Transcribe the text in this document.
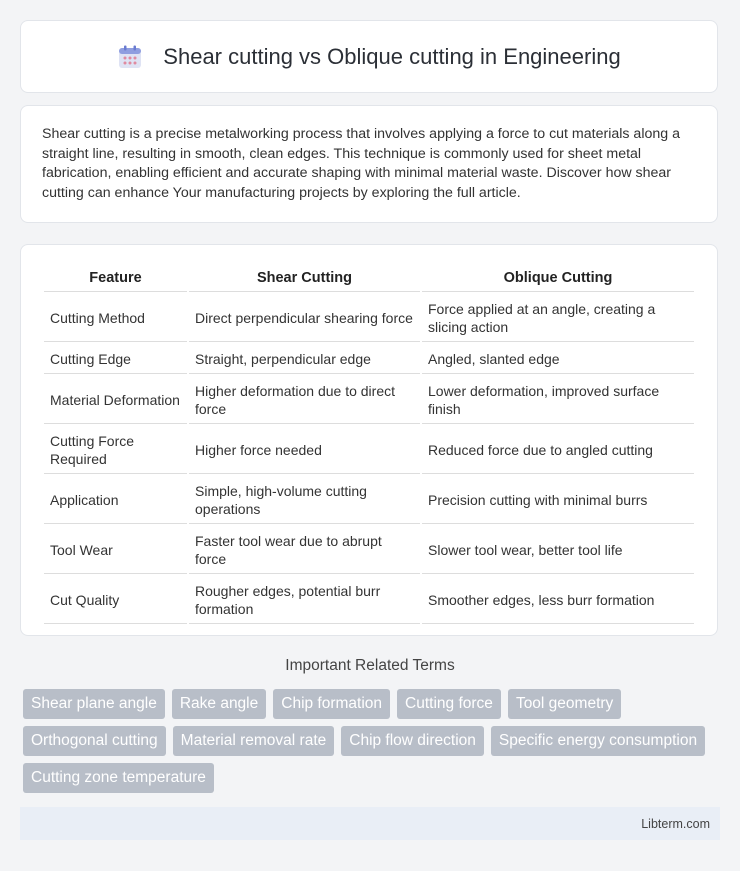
Shear cutting vs Oblique cutting in Engineering

Shear cutting is a precise metalworking process that involves applying a force to cut materials along a straight line, resulting in smooth, clean edges. This technique is commonly used for sheet metal fabrication, enabling efficient and accurate shaping with minimal material waste. Discover how shear cutting can enhance Your manufacturing projects by exploring the full article.

Feature	Shear Cutting	Oblique Cutting
Cutting Method	Direct perpendicular shearing force	Force applied at an angle, creating a slicing action
Cutting Edge	Straight, perpendicular edge	Angled, slanted edge
Material Deformation	Higher deformation due to direct force	Lower deformation, improved surface finish
Cutting Force Required	Higher force needed	Reduced force due to angled cutting
Application	Simple, high-volume cutting operations	Precision cutting with minimal burrs
Tool Wear	Faster tool wear due to abrupt force	Slower tool wear, better tool life
Cut Quality	Rougher edges, potential burr formation	Smoother edges, less burr formation
Important Related Terms
Shear plane angle	Rake angle	Chip formation	Cutting force	Tool geometry
Orthogonal cutting	Material removal rate	Chip flow direction	Specific energy consumption
Cutting zone temperature
Libterm.com
